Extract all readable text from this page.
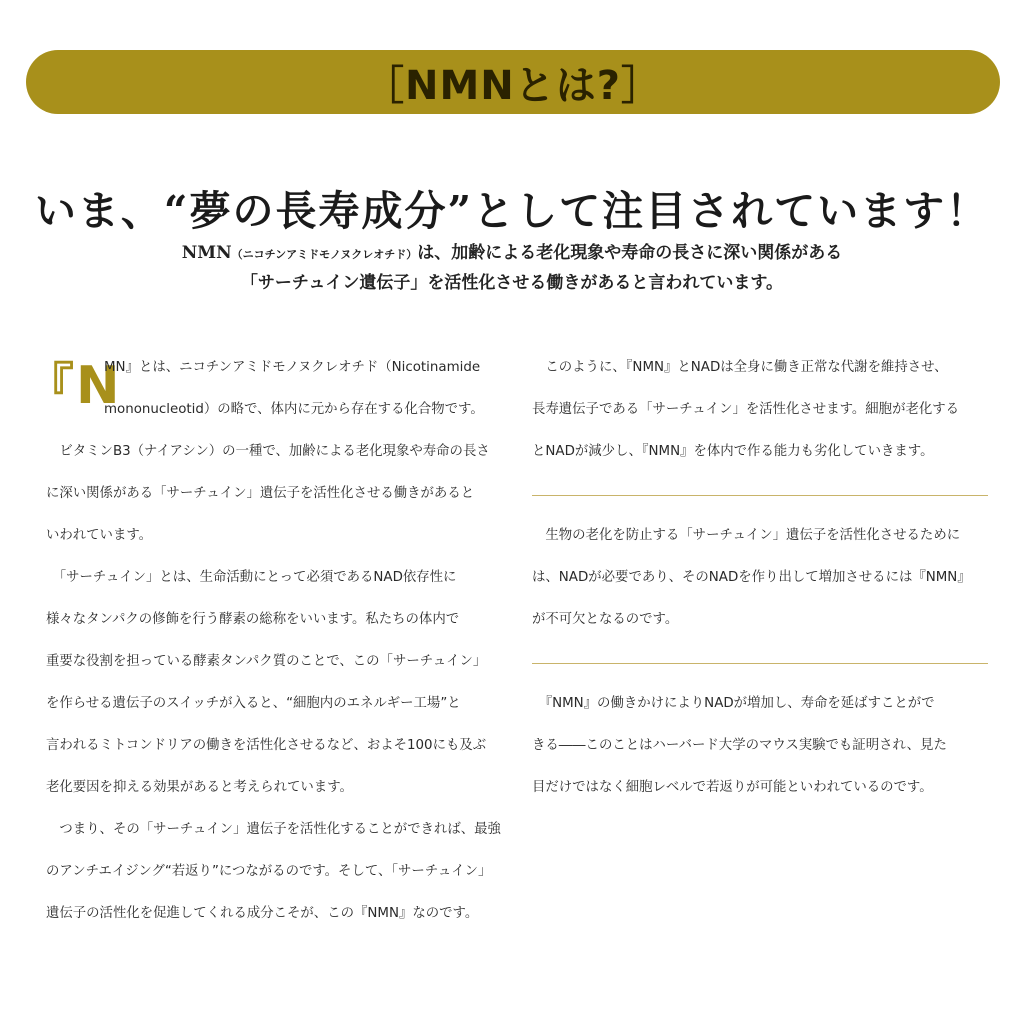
［NMNとは?］
いま、“夢の長寿成分”として注目されています！
NMN（ニコチンアミドモノヌクレオチド）は、加齢による老化現象や寿命の長さに深い関係がある
「サーチュイン遺伝子」を活性化させる働きがあると言われています。
『 N

MN』とは、ニコチンアミドモノヌクレオチド（Nicotinamide

mononucleotid）の略で、体内に元から存在する化合物です。

　ビタミンB3（ナイアシン）の一種で、加齢による老化現象や寿命の長さ

に深い関係がある「サーチュイン」遺伝子を活性化させる働きがあると

いわれています。

　「サーチュイン」とは、生命活動にとって必須であるNAD依存性に

様々なタンパクの修飾を行う酵素の総称をいいます。私たちの体内で

重要な役割を担っている酵素タンパク質のことで、この「サーチュイン」

を作らせる遺伝子のスイッチが入ると、“細胞内のエネルギー工場”と

言われるミトコンドリアの働きを活性化させるなど、およそ100にも及ぶ

老化要因を抑える効果があると考えられています。

　つまり、その「サーチュイン」遺伝子を活性化することができれば、最強

のアンチエイジング“若返り”につながるのです。そして、「サーチュイン」

遺伝子の活性化を促進してくれる成分こそが、この『NMN』なのです。

　このように、『NMN』とNADは全身に働き正常な代謝を維持させ、

長寿遺伝子である「サーチュイン」を活性化させます。細胞が老化する

とNADが減少し、『NMN』を体内で作る能力も劣化していきます。

　生物の老化を防止する「サーチュイン」遺伝子を活性化させるために

は、NADが必要であり、そのNADを作り出して増加させるには『NMN』

が不可欠となるのです。

　『NMN』の働きかけによりNADが増加し、寿命を延ばすことがで

きる――このことはハーバード大学のマウス実験でも証明され、見た

目だけではなく細胞レベルで若返りが可能といわれているのです。
